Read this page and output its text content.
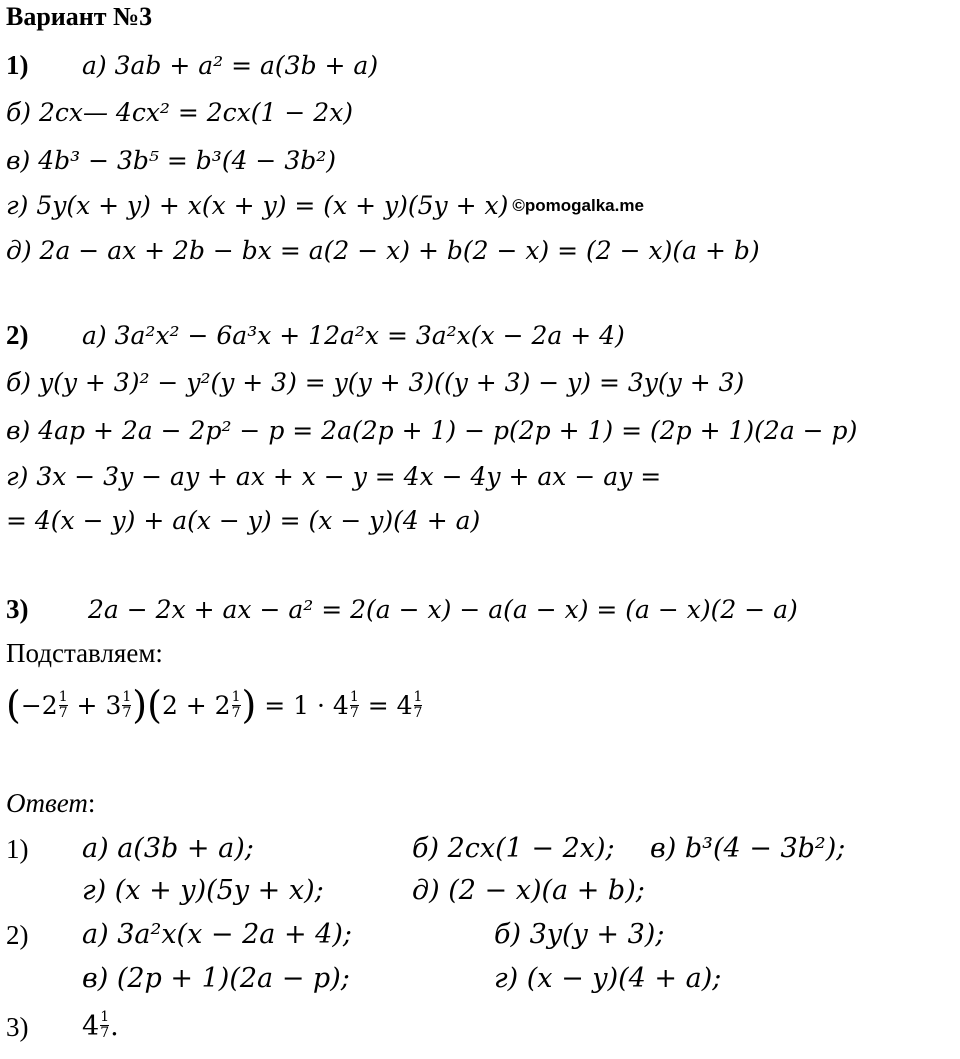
Вариант №3
1) а) 3ab + a² = a(3b + a)
б) 2cx— 4cx² = 2cx(1 − 2x)
в) 4b³ − 3b⁵ = b³(4 − 3b²)
г) 5y(x + y) + x(x + y) = (x + y)(5y + x) ©pomogalka.me
д) 2a − ax + 2b − bx = a(2 − x) + b(2 − x) = (2 − x)(a + b)
2) а) 3a²x² − 6a³x + 12a²x = 3a²x(x − 2a + 4)
б) y(y + 3)² − y²(y + 3) = y(y + 3)((y + 3) − y) = 3y(y + 3)
в) 4ap + 2a − 2p² − p = 2a(2p + 1) − p(2p + 1) = (2p + 1)(2a − p)
г) 3x − 3y − ay + ax + x − y = 4x − 4y + ax − ay =
= 4(x − y) + a(x − y) = (x − y)(4 + a)
3) 2a − 2x + ax − a² = 2(a − x) − a(a − x) = (a − x)(2 − a)
Подставляем:
$(-2 \frac{1}{7} + 3 \frac{1}{7} )(2 + 2 \frac{1}{7}$ ) = $1 \cdot 4 \frac{1}{7} = 4 \frac{1}{7}$
Ответ:
1) а) a(3b + a);	б) 2cx(1 − 2x); в) b³(4 − 3b²);
г) (x + y)(5y + x);	д) (2 − x)(a + b);
2) а) 3a²x(x − 2a + 4);	б) 3y(y + 3);
в) (2p + 1)(2a − p);	г) (x − y)(4 + a);
3) $4 \frac{1}{7}$ .
